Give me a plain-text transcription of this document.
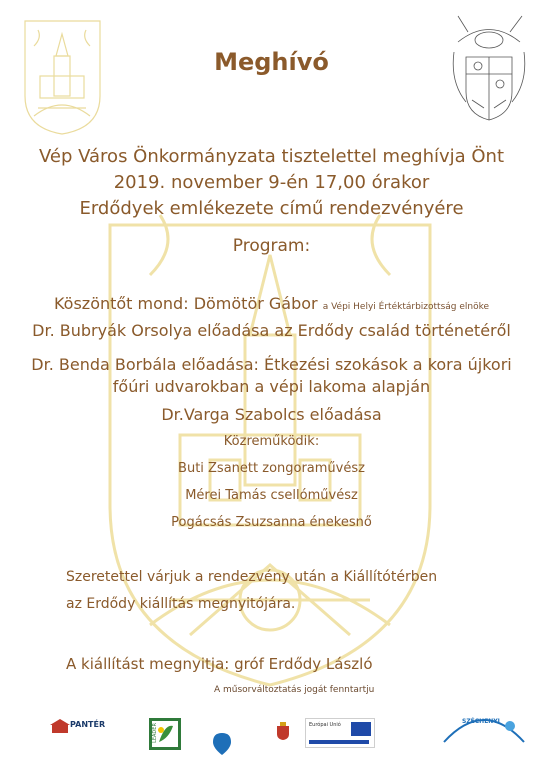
Meghívó
Vép Város Önkormányzata tisztelettel meghívja Önt
2019. november 9-én 17,00 órakor
Erdődyek emlékezete című rendezvényére
Program:
Köszöntőt mond: Dömötör Gábor a Vépi Helyi Értéktárbizottság elnöke
Dr. Bubryák Orsolya előadása az Erdődy család történetéről
Dr. Benda Borbála előadása: Étkezési szokások a kora újkori
főúri udvarokban a vépi lakoma alapján
Dr.Varga Szabolcs előadása
Közreműködik:
Buti Zsanett zongoraművész
Mérei Tamás csellóművész
Pogácsás Zsuzsanna énekesnő
Szeretettel várjuk a rendezvény után a Kiállítótérben
az Erdődy kiállítás megnyitójára.
A kiállítást megnyitja: gróf Erdődy László
A műsorváltoztatás jogát fenntartju
PANTÉR	LEADER	Európai Unió	SZÉCHENYI
